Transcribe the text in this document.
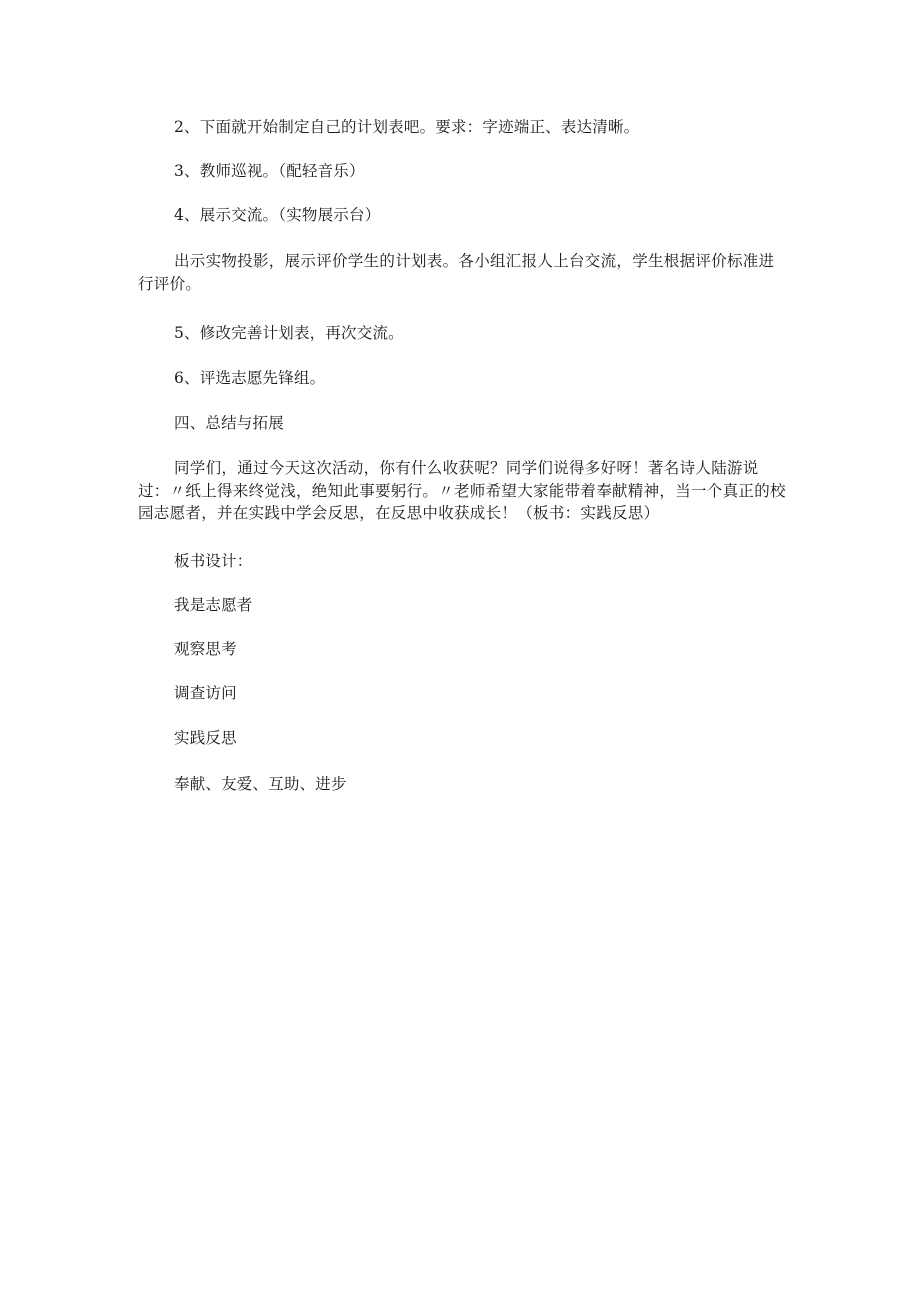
2、下面就开始制定自己的计划表吧。要求：字迹端正、表达清晰。
3、教师巡视。（配轻音乐）
4、展示交流。（实物展示台）
出示实物投影，展示评价学生的计划表。各小组汇报人上台交流，学生根据评价标准进行评价。
5、修改完善计划表，再次交流。
6、评选志愿先锋组。
四、总结与拓展
同学们，通过今天这次活动，你有什么收获呢？同学们说得多好呀！著名诗人陆游说过：〃纸上得来终觉浅，绝知此事要躬行。〃老师希望大家能带着奉献精神，当一个真正的校园志愿者，并在实践中学会反思，在反思中收获成长！（板书：实践反思）
板书设计：
我是志愿者
观察思考
调查访问
实践反思
奉献、友爱、互助、进步
